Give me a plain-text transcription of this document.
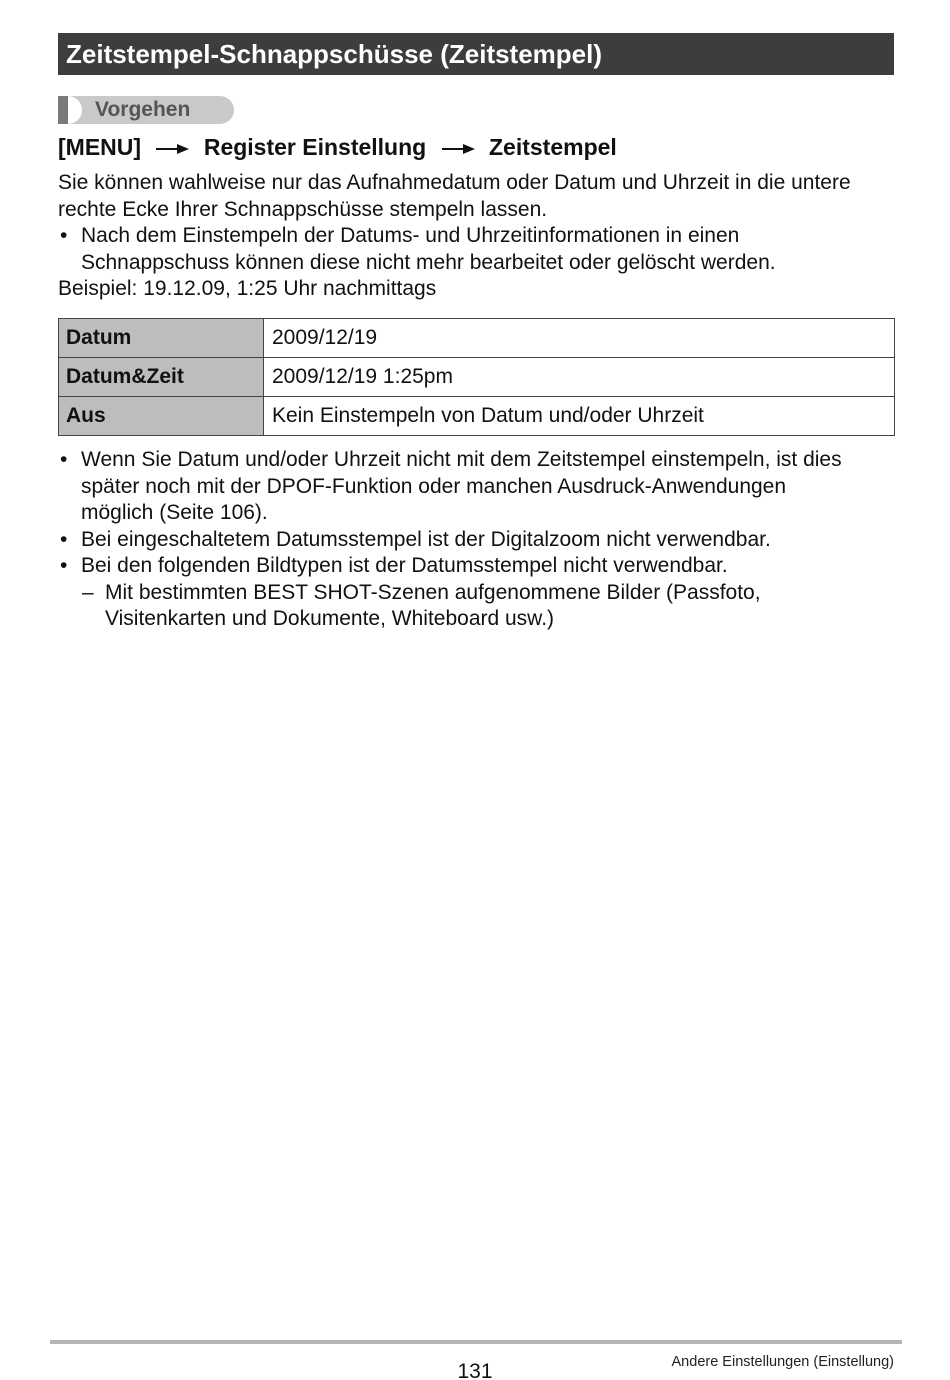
Zeitstempel-Schnappschüsse (Zeitstempel)
Vorgehen
[MENU]	Register Einstellung	Zeitstempel
Sie können wahlweise nur das Aufnahmedatum oder Datum und Uhrzeit in die untere
rechte Ecke Ihrer Schnappschüsse stempeln lassen.
• Nach dem Einstempeln der Datums- und Uhrzeitinformationen in einen
Schnappschuss können diese nicht mehr bearbeitet oder gelöscht werden.
Beispiel: 19.12.09, 1:25 Uhr nachmittags
Datum	2009/12/19
Datum&Zeit	2009/12/19 1:25pm
Aus	Kein Einstempeln von Datum und/oder Uhrzeit
• Wenn Sie Datum und/oder Uhrzeit nicht mit dem Zeitstempel einstempeln, ist dies
später noch mit der DPOF-Funktion oder manchen Ausdruck-Anwendungen
möglich (Seite 106).
• Bei eingeschaltetem Datumsstempel ist der Digitalzoom nicht verwendbar.
• Bei den folgenden Bildtypen ist der Datumsstempel nicht verwendbar.
– Mit bestimmten BEST SHOT-Szenen aufgenommene Bilder (Passfoto,
Visitenkarten und Dokumente, Whiteboard usw.)
131	Andere Einstellungen (Einstellung)
